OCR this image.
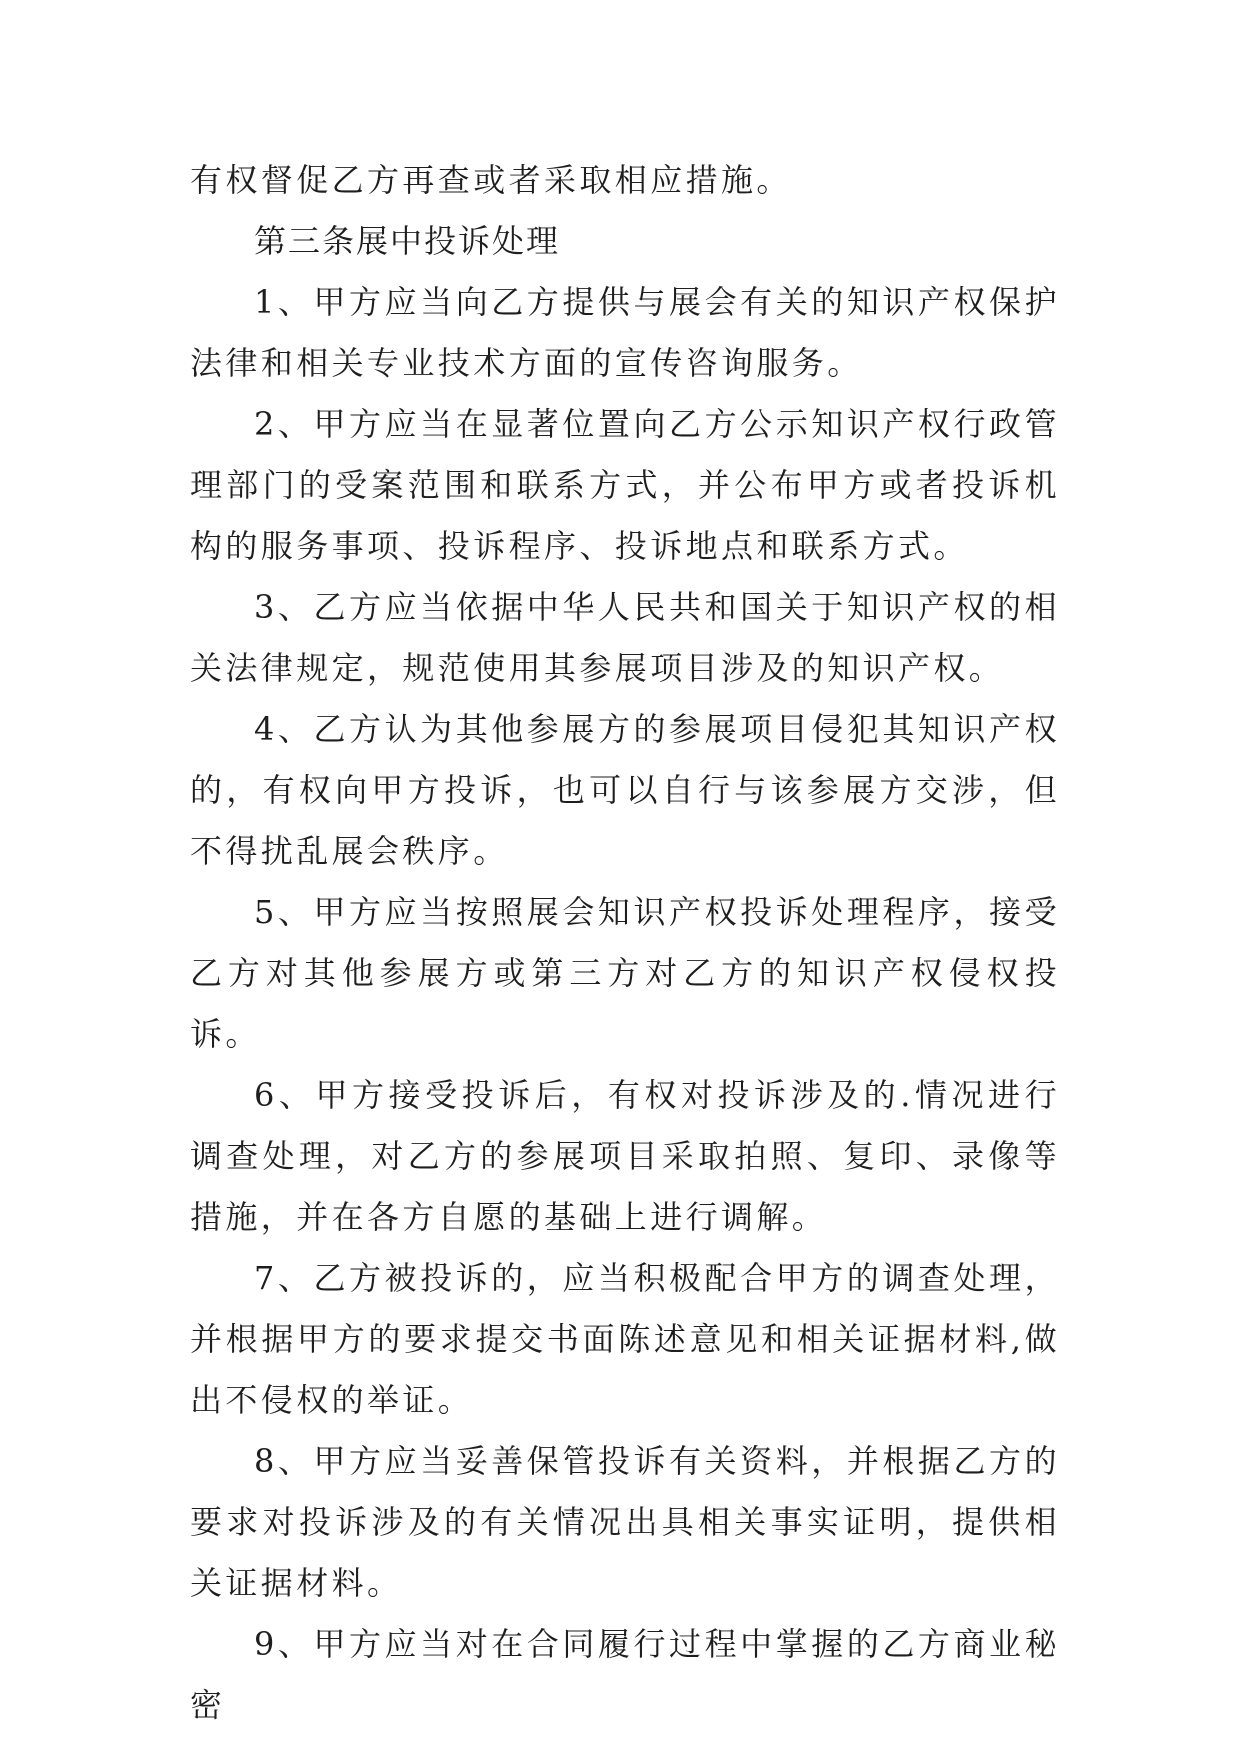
有权督促乙方再查或者采取相应措施。

第三条展中投诉处理

1、甲方应当向乙方提供与展会有关的知识产权保护法律和相关专业技术方面的宣传咨询服务。

2、甲方应当在显著位置向乙方公示知识产权行政管理部门的受案范围和联系方式，并公布甲方或者投诉机构的服务事项、投诉程序、投诉地点和联系方式。

3、乙方应当依据中华人民共和国关于知识产权的相关法律规定，规范使用其参展项目涉及的知识产权。

4、乙方认为其他参展方的参展项目侵犯其知识产权的，有权向甲方投诉，也可以自行与该参展方交涉，但不得扰乱展会秩序。

5、甲方应当按照展会知识产权投诉处理程序，接受乙方对其他参展方或第三方对乙方的知识产权侵权投诉。

6、甲方接受投诉后，有权对投诉涉及的.情况进行调查处理，对乙方的参展项目采取拍照、复印、录像等措施，并在各方自愿的基础上进行调解。

7、乙方被投诉的，应当积极配合甲方的调查处理，并根据甲方的要求提交书面陈述意见和相关证据材料,做出不侵权的举证。

8、甲方应当妥善保管投诉有关资料，并根据乙方的要求对投诉涉及的有关情况出具相关事实证明，提供相关证据材料。

9、甲方应当对在合同履行过程中掌握的乙方商业秘密
